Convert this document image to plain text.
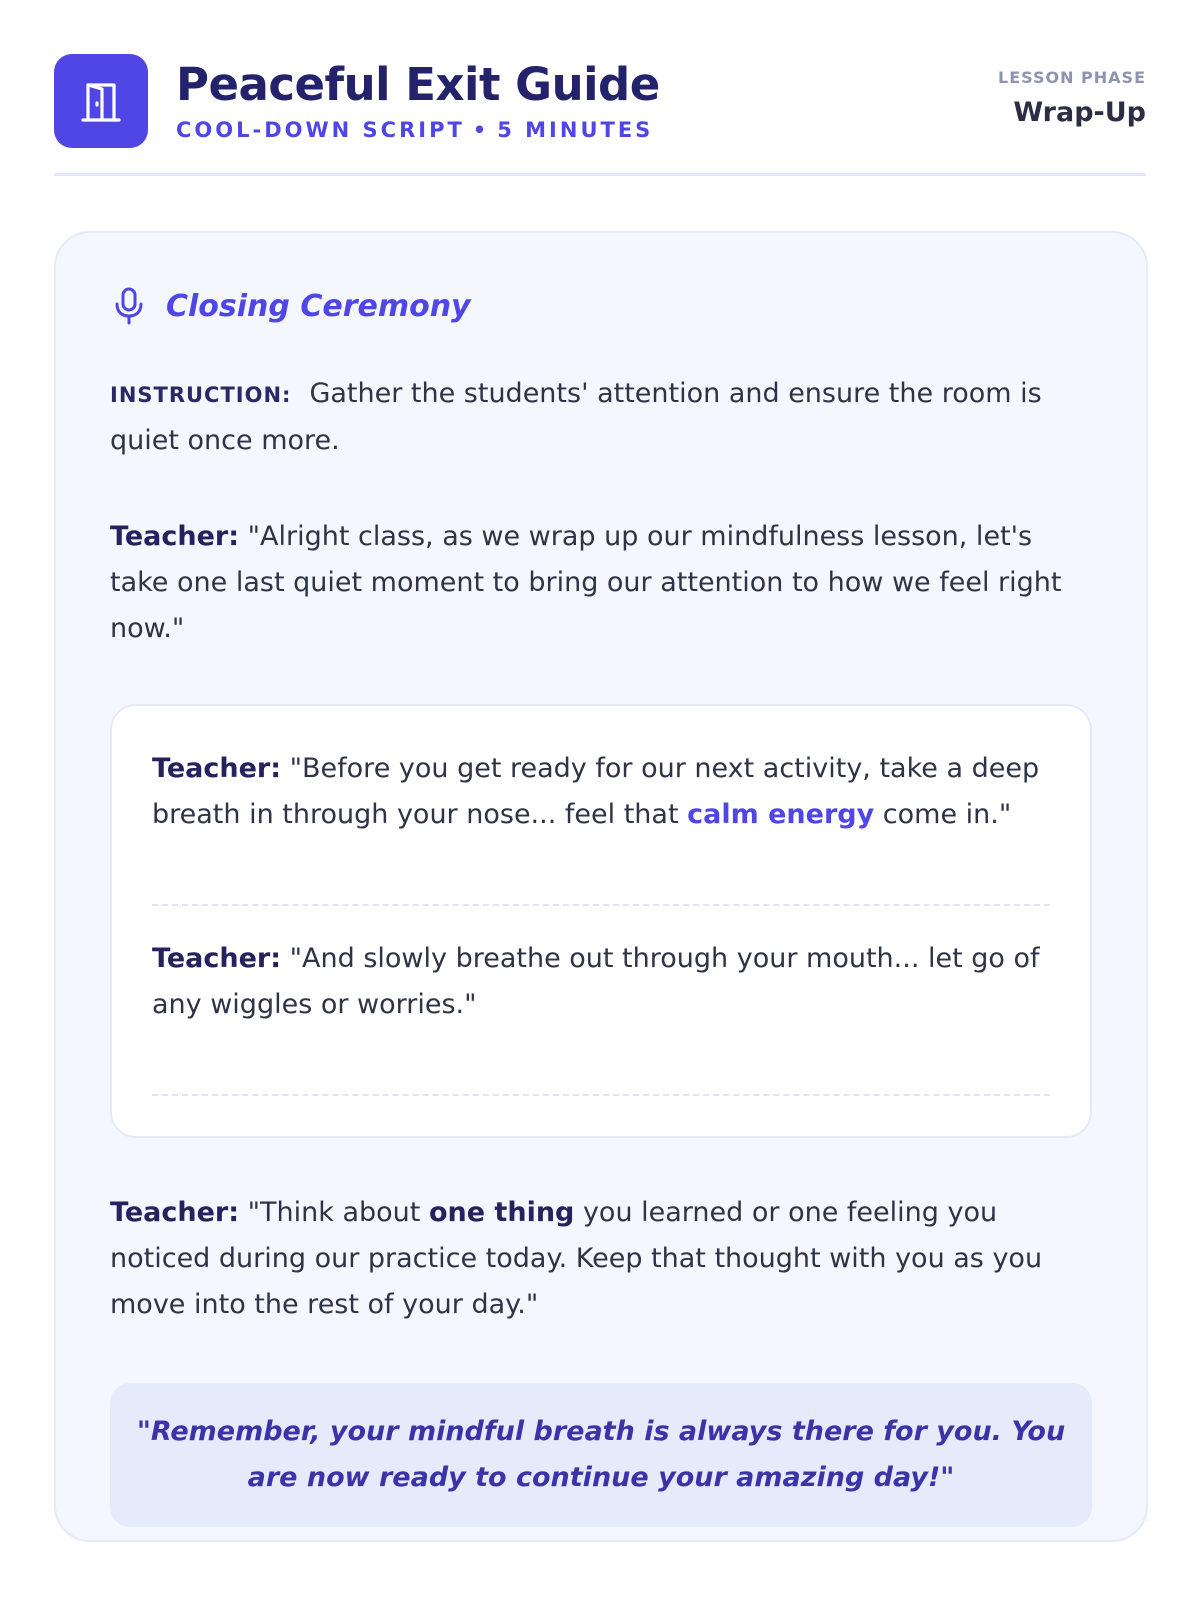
Peaceful Exit Guide
COOL-DOWN SCRIPT • 5 MINUTES
LESSON PHASE
Wrap-Up
Closing Ceremony

INSTRUCTION: Gather the students' attention and ensure the room is quiet once more.

Teacher: "Alright class, as we wrap up our mindfulness lesson, let's take one last quiet moment to bring our attention to how we feel right now."

Teacher: "Before you get ready for our next activity, take a deep breath in through your nose... feel that calm energy come in."

Teacher: "And slowly breathe out through your mouth... let go of any wiggles or worries."

Teacher: "Think about one thing you learned or one feeling you noticed during our practice today. Keep that thought with you as you move into the rest of your day."

"Remember, your mindful breath is always there for you. You are now ready to continue your amazing day!"
